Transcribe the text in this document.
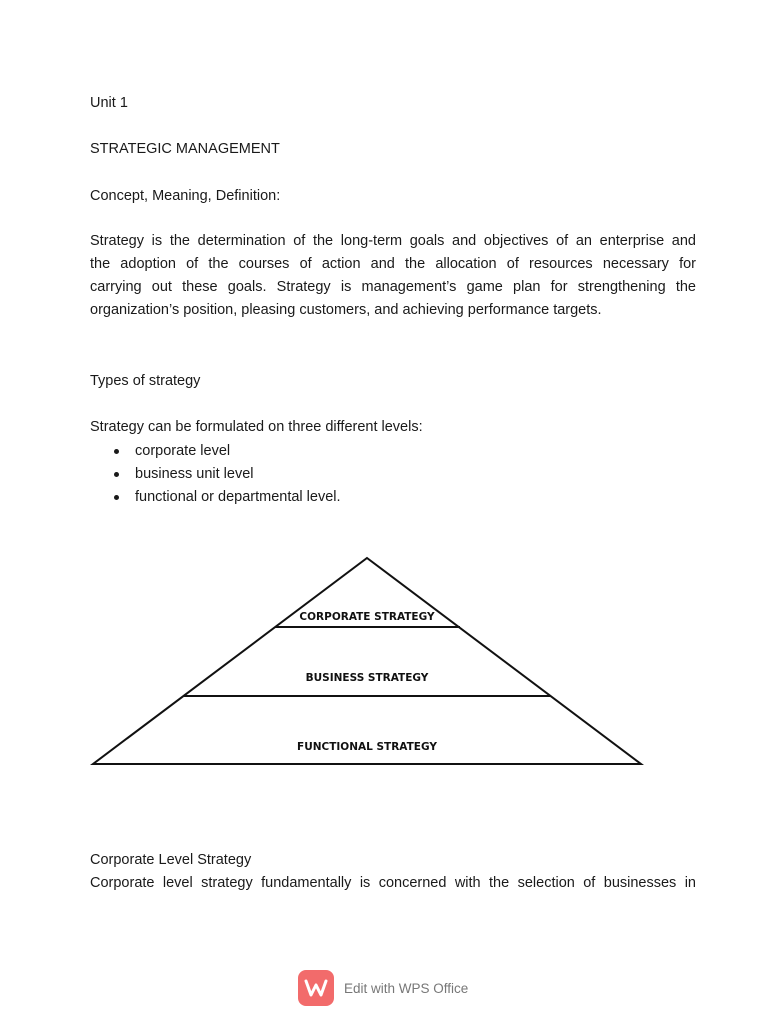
Unit 1
STRATEGIC MANAGEMENT
Concept, Meaning, Definition:
Strategy is the determination of the long-term goals and objectives of an enterprise and
the adoption of the courses of action and the allocation of resources necessary for
carrying out these goals. Strategy is management’s game plan for strengthening the
organization’s position, pleasing customers, and achieving performance targets.
Types of strategy
Strategy can be formulated on three different levels:
corporate level
business unit level
functional or departmental level.
CORPORATE STRATEGY
BUSINESS STRATEGY
FUNCTIONAL STRATEGY
Corporate Level Strategy
Corporate level strategy fundamentally is concerned with the selection of businesses in
Edit with WPS Office
